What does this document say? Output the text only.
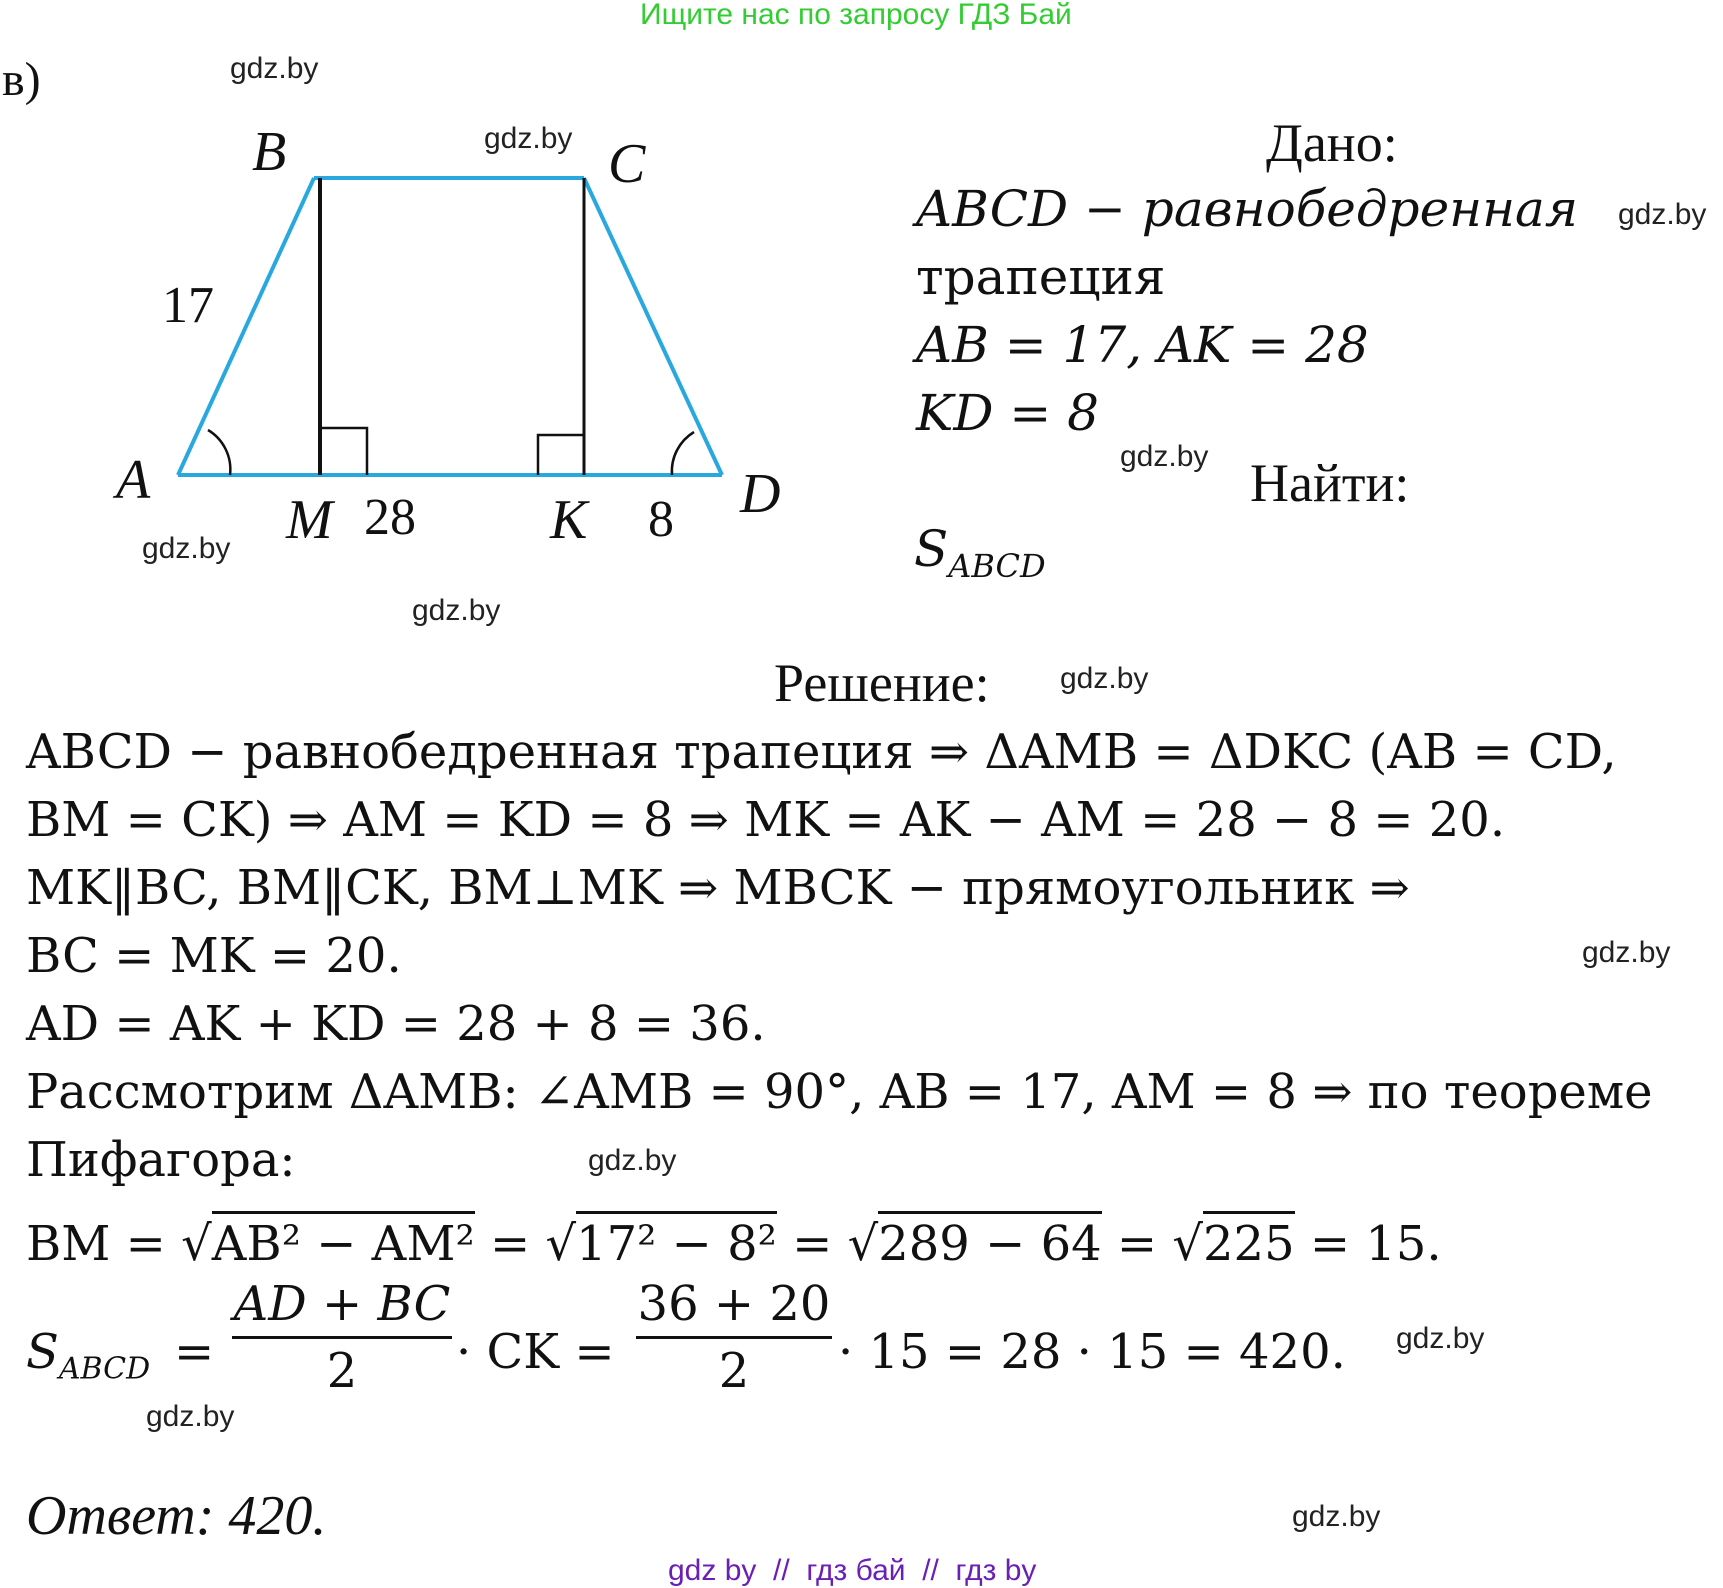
Ищите нас по запросу ГДЗ Бай
в)	gdz.by
gdz.by
gdz.by
gdz.by
gdz.by
gdz.by
gdz.by
gdz.by
gdz.by
gdz.by
gdz.by
gdz.by
B	C
A	D
M	K
17
28	8
Дано:
ABCD − равнобедренная
трапеция
AB = 17, AK = 28
KD = 8
Найти:
$S_{ABCD}$
Решение:
ABCD − равнобедренная трапеция ⇒ ΔAMB = ΔDKC (AB = CD,
BM = CK) ⇒ AM = KD = 8 ⇒ MK = AK − AM = 28 − 8 = 20.
MK‖BC, BM‖CK, BM⊥MK ⇒ MBCK − прямоугольник ⇒
BC = MK = 20.
AD = AK + KD = 28 + 8 = 36.
Рассмотрим ΔAMB: ∠AMB = 90°, AB = 17, AM = 8 ⇒ по теореме
Пифагора:
BM = √AB² − AM² = √17² − 8² = √289 − 64 = √225 = 15.
$S_{ABCD}$ =
AD + BC
2	· CK =
36 + 20
2	· 15 = 28 · 15 = 420.
Ответ: 420.
gdz by  //  гдз бай  //  гдз by
